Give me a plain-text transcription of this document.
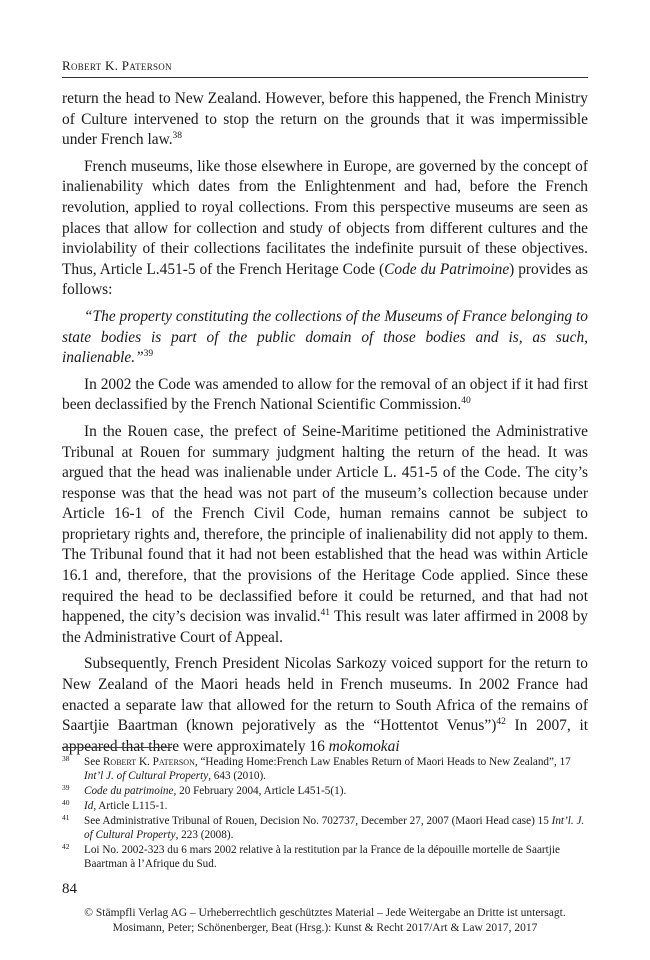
Robert K. Paterson

return the head to New Zealand. However, before this happened, the French Ministry of Culture intervened to stop the return on the grounds that it was impermissible under French law.$^{38}$

French museums, like those elsewhere in Europe, are governed by the concept of inalienability which dates from the Enlightenment and had, before the French revolution, applied to royal collections. From this perspective museums are seen as places that allow for collection and study of objects from different cultures and the inviolability of their collections facilitates the indefinite pursuit of these objectives. Thus, Article L.451-5 of the French Heritage Code (Code du Patrimoine) provides as follows:

“The property constituting the collections of the Museums of France belonging to state bodies is part of the public domain of those bodies and is, as such, inalienable.”$^{39}$

In 2002 the Code was amended to allow for the removal of an object if it had first been declassified by the French National Scientific Commission.$^{40}$

In the Rouen case, the prefect of Seine-Maritime petitioned the Administrative Tribunal at Rouen for summary judgment halting the return of the head. It was argued that the head was inalienable under Article L. 451-5 of the Code. The city’s response was that the head was not part of the museum’s collection because under Article 16-1 of the French Civil Code, human remains cannot be subject to proprietary rights and, therefore, the principle of inalienability did not apply to them. The Tribunal found that it had not been established that the head was within Article 16.1 and, therefore, that the provisions of the Heritage Code applied. Since these required the head to be declassified before it could be returned, and that had not happened, the city’s decision was invalid.$^{41}$ This result was later affirmed in 2008 by the Administrative Court of Appeal.

Subsequently, French President Nicolas Sarkozy voiced support for the return to New Zealand of the Maori heads held in French museums. In 2002 France had enacted a separate law that allowed for the return to South Africa of the remains of Saartjie Baartman (known pejoratively as the “Hottentot Venus”)$^{42}$ In 2007, it appeared that there were approximately 16 mokomokai

38 See Robert K. Paterson, “Heading Home:French Law Enables Return of Maori Heads to New Zealand”, 17 Int’l J. of Cultural Property, 643 (2010).
39 Code du patrimoine, 20 February 2004, Article L451-5(1).
40 Id, Article L115-1.
41 See Administrative Tribunal of Rouen, Decision No. 702737, December 27, 2007 (Maori Head case) 15 Int’l. J. of Cultural Property, 223 (2008).
42 Loi No. 2002-323 du 6 mars 2002 relative à la restitution par la France de la dépouille mortelle de Saartjie Baartman à l’Afrique du Sud.
84
© Stämpfli Verlag AG – Urheberrechtlich geschütztes Material – Jede Weitergabe an Dritte ist untersagt.
Mosimann, Peter; Schönenberger, Beat (Hrsg.): Kunst & Recht 2017/Art & Law 2017, 2017
